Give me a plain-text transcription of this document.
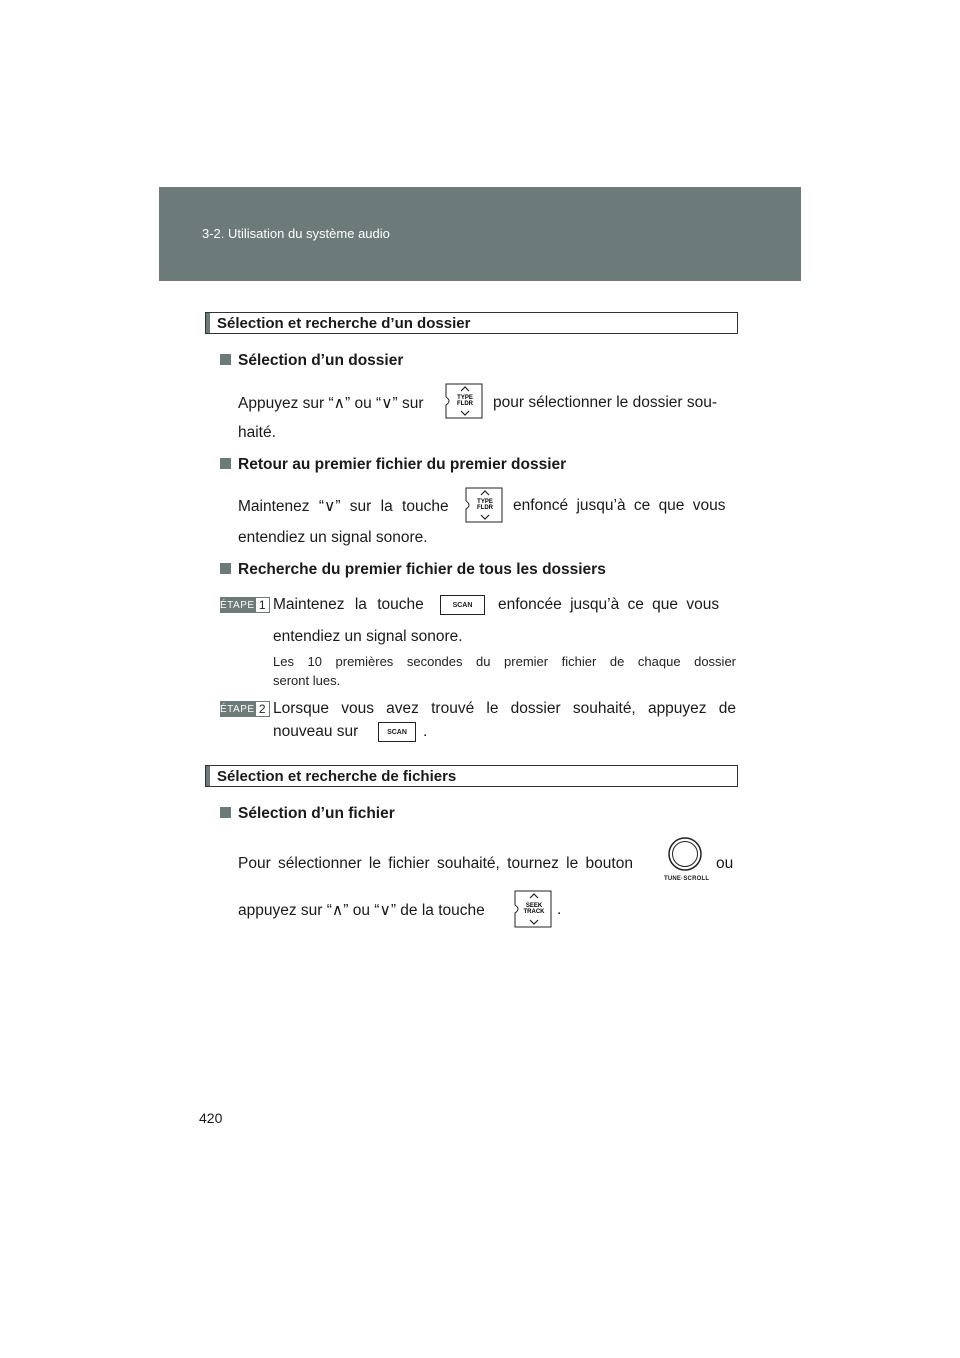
3-2. Utilisation du système audio
Sélection et recherche d’un dossier
Sélection d’un dossier
Appuyez sur “∧” ou “∨” sur	TYPE
FLDR pour sélectionner le dossier sou-
haité.
Retour au premier fichier du premier dossier
Maintenez “∨” sur la touche	TYPE
FLDR enfoncé jusqu’à ce que vous
entendiez un signal sonore.
Recherche du premier fichier de tous les dossiers
ÉTAPE 1 Maintenez la touche	SCAN	enfoncée jusqu’à ce que vous
entendiez un signal sonore.
Les 10 premières secondes du premier fichier de chaque dossier
seront lues.
ÉTAPE 2 Lorsque vous avez trouvé le dossier souhaité, appuyez de
nouveau sur	SCAN	.
Sélection et recherche de fichiers
Sélection d’un fichier
Pour sélectionner le fichier souhaité, tournez le bouton
TUNE·SCROLL
ou
appuyez sur “∧” ou “∨” de la touche	SEEK
TRACK .
420
